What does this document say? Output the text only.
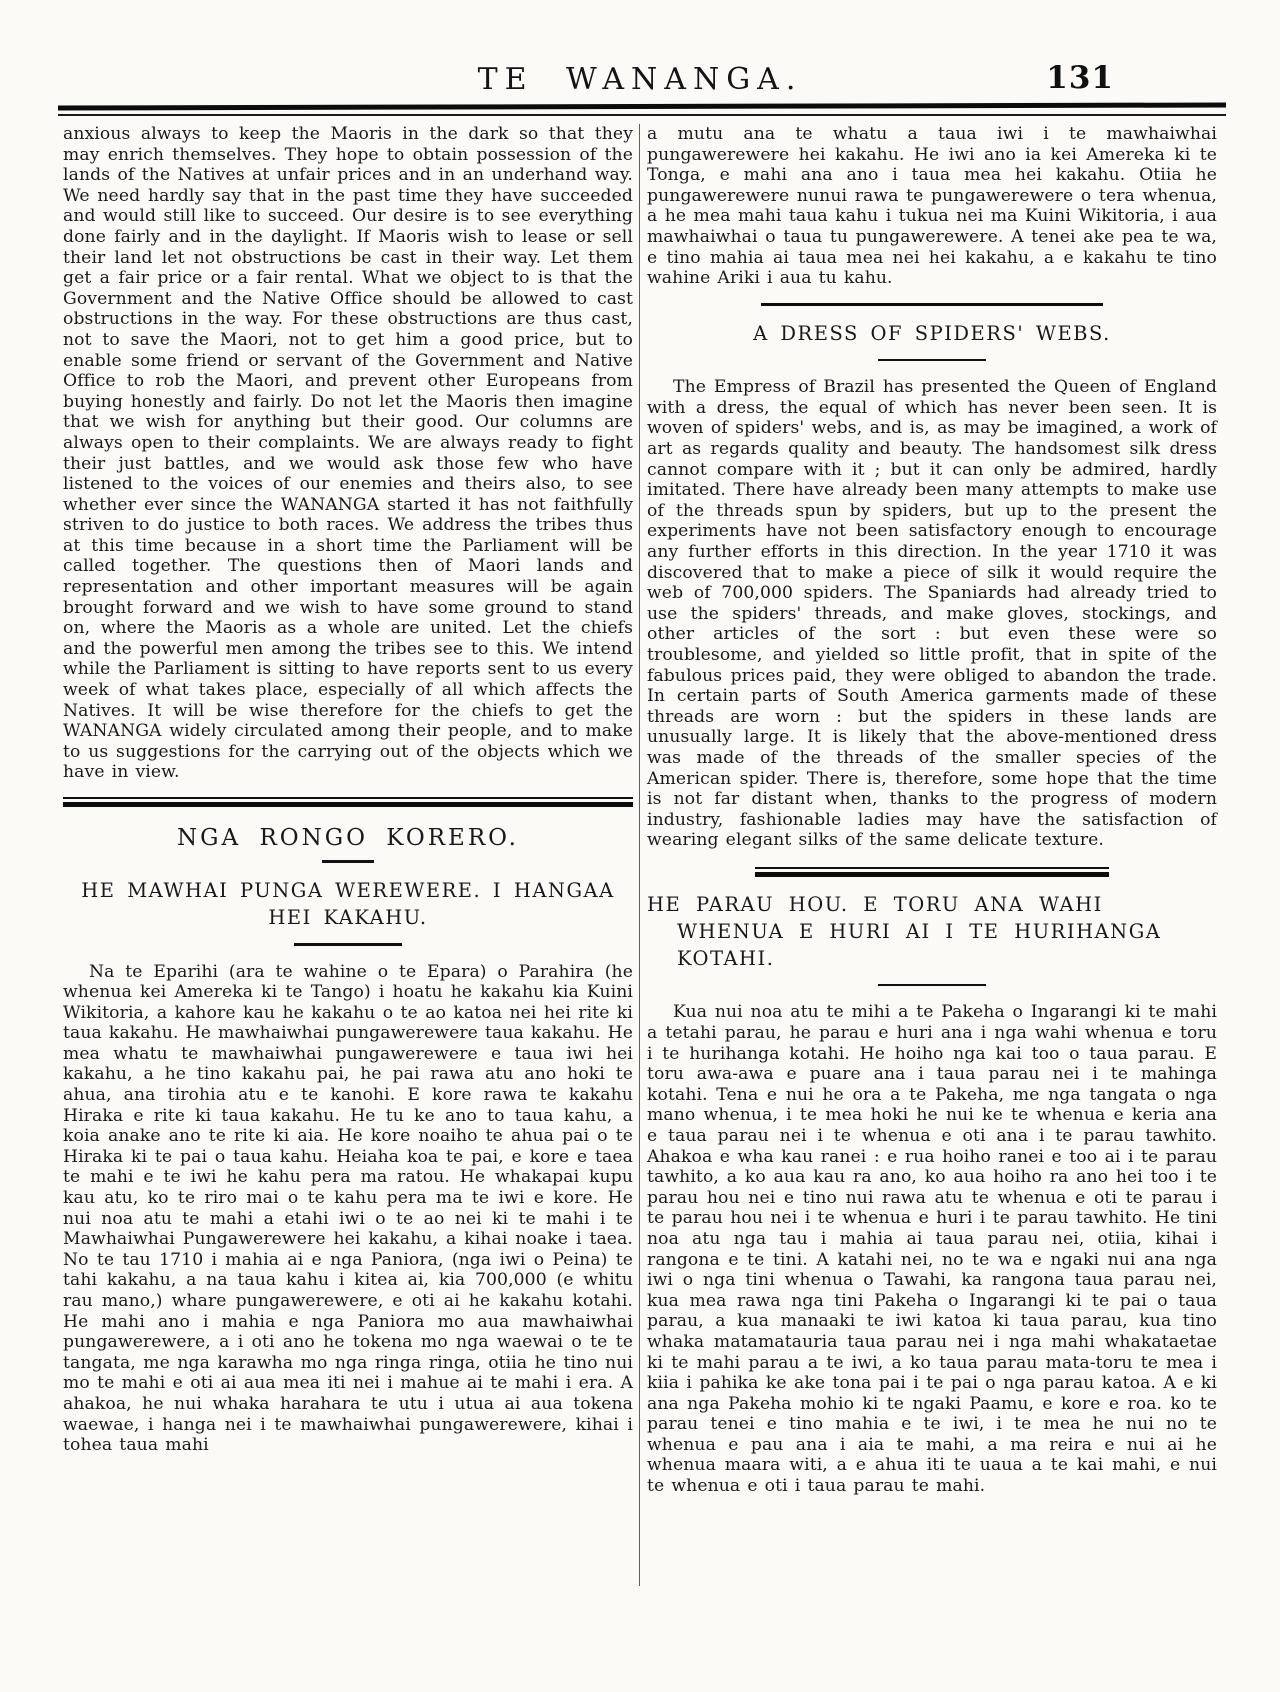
TE WANANGA.	131

anxious always to keep the Maoris in the dark so that they may enrich themselves. They hope to obtain possession of the lands of the Natives at unfair prices and in an underhand way. We need hardly say that in the past time they have succeeded and would still like to succeed. Our desire is to see everything done fairly and in the daylight. If Maoris wish to lease or sell their land let not obstructions be cast in their way. Let them get a fair price or a fair rental. What we object to is that the Government and the Native Office should be allowed to cast obstructions in the way. For these obstructions are thus cast, not to save the Maori, not to get him a good price, but to enable some friend or servant of the Government and Native Office to rob the Maori, and prevent other Europeans from buying honestly and fairly. Do not let the Maoris then imagine that we wish for anything but their good. Our columns are always open to their complaints. We are always ready to fight their just battles, and we would ask those few who have listened to the voices of our enemies and theirs also, to see whether ever since the WANANGA started it has not faithfully striven to do justice to both races. We address the tribes thus at this time because in a short time the Parliament will be called together. The questions then of Maori lands and representation and other important measures will be again brought forward and we wish to have some ground to stand on, where the Maoris as a whole are united. Let the chiefs and the powerful men among the tribes see to this. We intend while the Parliament is sitting to have reports sent to us every week of what takes place, especially of all which affects the Natives. It will be wise therefore for the chiefs to get the WANANGA widely circulated among their people, and to make to us suggestions for the carrying out of the objects which we have in view.

NGA RONGO KORERO.
HE MAWHAI PUNGA WEREWERE. I HANGAA HEI KAKAHU.

Na te Eparihi (ara te wahine o te Epara) o Parahira (he whenua kei Amereka ki te Tango) i hoatu he kakahu kia Kuini Wikitoria, a kahore kau he kakahu o te ao katoa nei hei rite ki taua kakahu. He mawhaiwhai pungawerewere taua kakahu. He mea whatu te mawhaiwhai pungawerewere e taua iwi hei kakahu, a he tino kakahu pai, he pai rawa atu ano hoki te ahua, ana tirohia atu e te kanohi. E kore rawa te kakahu Hiraka e rite ki taua kakahu. He tu ke ano to taua kahu, a koia anake ano te rite ki aia. He kore noaiho te ahua pai o te Hiraka ki te pai o taua kahu. Heiaha koa te pai, e kore e taea te mahi e te iwi he kahu pera ma ratou. He whakapai kupu kau atu, ko te riro mai o te kahu pera ma te iwi e kore. He nui noa atu te mahi a etahi iwi o te ao nei ki te mahi i te Mawhaiwhai Pungawerewere hei kakahu, a kihai noake i taea. No te tau 1710 i mahia ai e nga Paniora, (nga iwi o Peina) te tahi kakahu, a na taua kahu i kitea ai, kia 700,000 (e whitu rau mano,) whare pungawerewere, e oti ai he kakahu kotahi. He mahi ano i mahia e nga Paniora mo aua mawhaiwhai pungawerewere, a i oti ano he tokena mo nga waewai o te te tangata, me nga karawha mo nga ringa ringa, otiia he tino nui mo te mahi e oti ai aua mea iti nei i mahue ai te mahi i era. A ahakoa, he nui whaka harahara te utu i utua ai aua tokena waewae, i hanga nei i te mawhaiwhai pungawerewere, kihai i tohea taua mahi

a mutu ana te whatu a taua iwi i te mawhaiwhai pungawerewere hei kakahu. He iwi ano ia kei Amereka ki te Tonga, e mahi ana ano i taua mea hei kakahu. Otiia he pungawerewere nunui rawa te pungawerewere o tera whenua, a he mea mahi taua kahu i tukua nei ma Kuini Wikitoria, i aua mawhaiwhai o taua tu pungawerewere. A tenei ake pea te wa, e tino mahia ai taua mea nei hei kakahu, a e kakahu te tino wahine Ariki i aua tu kahu.

A DRESS OF SPIDERS' WEBS.

The Empress of Brazil has presented the Queen of England with a dress, the equal of which has never been seen. It is woven of spiders' webs, and is, as may be imagined, a work of art as regards quality and beauty. The handsomest silk dress cannot compare with it ; but it can only be admired, hardly imitated. There have already been many attempts to make use of the threads spun by spiders, but up to the present the experiments have not been satisfactory enough to encourage any further efforts in this direction. In the year 1710 it was discovered that to make a piece of silk it would require the web of 700,000 spiders. The Spaniards had already tried to use the spiders' threads, and make gloves, stockings, and other articles of the sort : but even these were so troublesome, and yielded so little profit, that in spite of the fabulous prices paid, they were obliged to abandon the trade. In certain parts of South America garments made of these threads are worn : but the spiders in these lands are unusually large. It is likely that the above-mentioned dress was made of the threads of the smaller species of the American spider. There is, therefore, some hope that the time is not far distant when, thanks to the progress of modern industry, fashionable ladies may have the satisfaction of wearing elegant silks of the same delicate texture.

HE PARAU HOU. E TORU ANA WAHI WHENUA E HURI AI I TE HURIHANGA KOTAHI.

Kua nui noa atu te mihi a te Pakeha o Ingarangi ki te mahi a tetahi parau, he parau e huri ana i nga wahi whenua e toru i te hurihanga kotahi. He hoiho nga kai too o taua parau. E toru awa-awa e puare ana i taua parau nei i te mahinga kotahi. Tena e nui he ora a te Pakeha, me nga tangata o nga mano whenua, i te mea hoki he nui ke te whenua e keria ana e taua parau nei i te whenua e oti ana i te parau tawhito. Ahakoa e wha kau ranei : e rua hoiho ranei e too ai i te parau tawhito, a ko aua kau ra ano, ko aua hoiho ra ano hei too i te parau hou nei e tino nui rawa atu te whenua e oti te parau i te parau hou nei i te whenua e huri i te parau tawhito. He tini noa atu nga tau i mahia ai taua parau nei, otiia, kihai i rangona e te tini. A katahi nei, no te wa e ngaki nui ana nga iwi o nga tini whenua o Tawahi, ka rangona taua parau nei, kua mea rawa nga tini Pakeha o Ingarangi ki te pai o taua parau, a kua manaaki te iwi katoa ki taua parau, kua tino whaka matamatauria taua parau nei i nga mahi whakataetae ki te mahi parau a te iwi, a ko taua parau mata-toru te mea i kiia i pahika ke ake tona pai i te pai o nga parau katoa. A e ki ana nga Pakeha mohio ki te ngaki Paamu, e kore e roa. ko te parau tenei e tino mahia e te iwi, i te mea he nui no te whenua e pau ana i aia te mahi, a ma reira e nui ai he whenua maara witi, a e ahua iti te uaua a te kai mahi, e nui te whenua e oti i taua parau te mahi.
